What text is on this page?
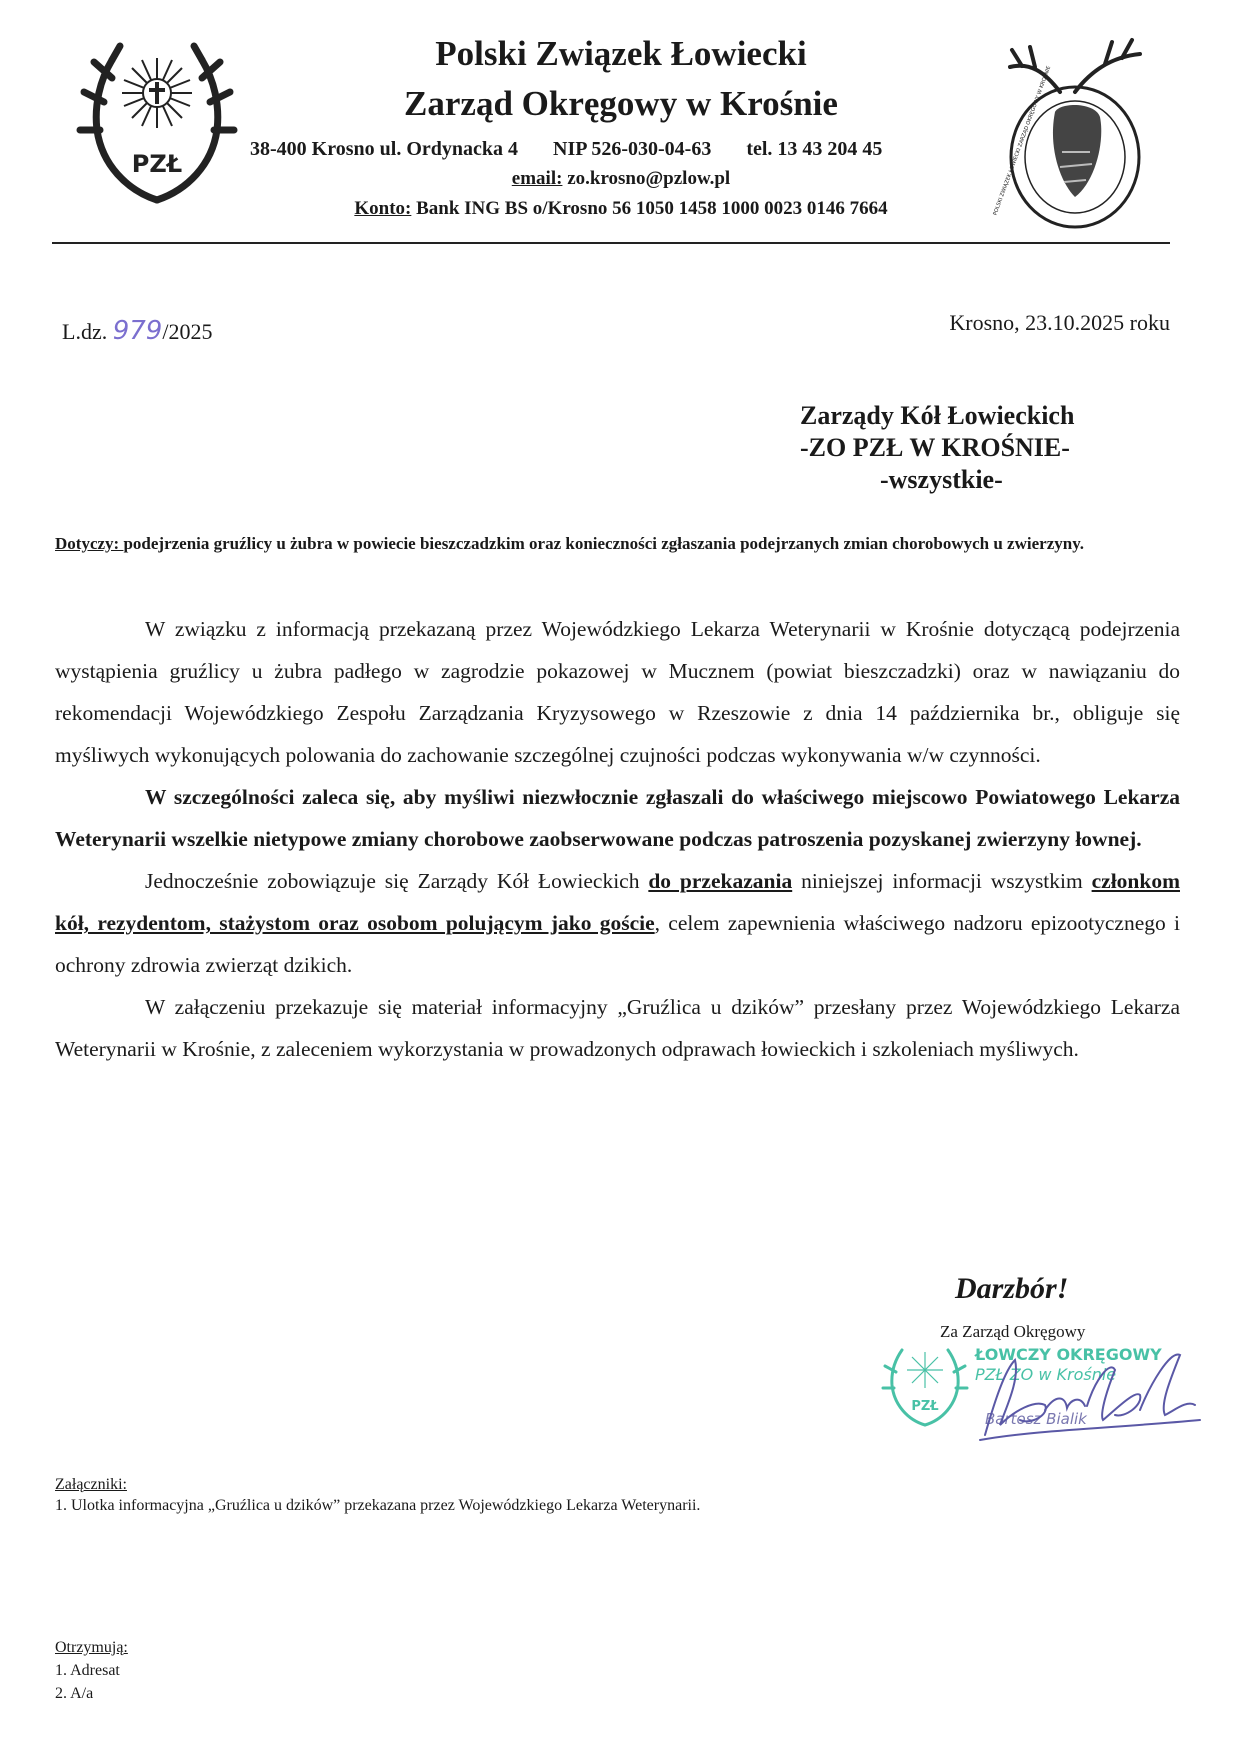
PZŁ	POLSKI ZWIĄZEK ŁOWIECKI ZARZĄD OKRĘGOWY W KROŚNIE
Polski Związek Łowiecki
Zarząd Okręgowy w Krośnie
38-400 Krosno ul. Ordynacka 4 NIP 526-030-04-63 tel. 13 43 204 45
email: zo.krosno@pzlow.pl
Konto: Bank ING BS o/Krosno 56 1050 1458 1000 0023 0146 7664
L.dz. 979/2025	Krosno, 23.10.2025 roku
Zarządy Kół Łowieckich
-ZO PZŁ W KROŚNIE-
-wszystkie-
Dotyczy: podejrzenia gruźlicy u żubra w powiecie bieszczadzkim oraz konieczności zgłaszania podejrzanych zmian chorobowych u zwierzyny.

W związku z informacją przekazaną przez Wojewódzkiego Lekarza Weterynarii w Krośnie dotyczącą podejrzenia wystąpienia gruźlicy u żubra padłego w zagrodzie pokazowej w Mucznem (powiat bieszczadzki) oraz w nawiązaniu do rekomendacji Wojewódzkiego Zespołu Zarządzania Kryzysowego w Rzeszowie z dnia 14 października br., obliguje się myśliwych wykonujących polowania do zachowanie szczególnej czujności podczas wykonywania w/w czynności.

W szczególności zaleca się, aby myśliwi niezwłocznie zgłaszali do właściwego miejscowo Powiatowego Lekarza Weterynarii wszelkie nietypowe zmiany chorobowe zaobserwowane podczas patroszenia pozyskanej zwierzyny łownej.

Jednocześnie zobowiązuje się Zarządy Kół Łowieckich do przekazania niniejszej informacji wszystkim członkom kół, rezydentom, stażystom oraz osobom polującym jako goście, celem zapewnienia właściwego nadzoru epizootycznego i ochrony zdrowia zwierząt dzikich.

W załączeniu przekazuje się materiał informacyjny „Gruźlica u dzików” przesłany przez Wojewódzkiego Lekarza Weterynarii w Krośnie, z zaleceniem wykorzystania w prowadzonych odprawach łowieckich i szkoleniach myśliwych.

Darzbór!
Za Zarząd Okręgowy
PZŁ
ŁOWCZY OKRĘGOWY
PZŁ ZO w Krośnie
Bartosz Bialik
Załączniki:
1. Ulotka informacyjna „Gruźlica u dzików” przekazana przez Wojewódzkiego Lekarza Weterynarii.
Otrzymują:
1. Adresat
2. A/a
